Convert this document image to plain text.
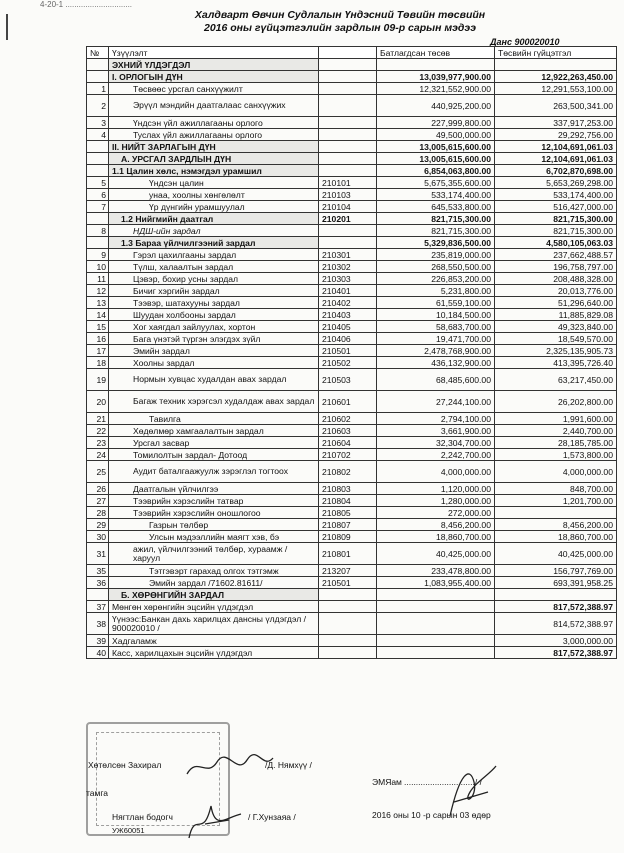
4-20-1 ..............................
Халдварт Өвчин Судлалын Үндэсний Төвийн төсвийн
2016 оны гүйцэтгэлийн зардлын 09-р сарын мэдээ
Данс 900020010
№	Үзүүлэлт		Батлагдсан төсөв	Төсвийн гүйцэтгэл
	ЭХНИЙ ҮЛДЭГДЭЛ			
	I. ОРЛОГЫН ДҮН		13,039,977,900.00	12,922,263,450.00
1	Төсвөөс урсгал санхүүжилт		12,321,552,900.00	12,291,553,100.00
2	Эрүүл мэндийн даатгалаас санхүүжих		440,925,200.00	263,500,341.00
3	Үндсэн үйл ажиллагааны орлого		227,999,800.00	337,917,253.00
4	Туслах үйл ажиллагааны орлого		49,500,000.00	29,292,756.00
	II. НИЙТ ЗАРЛАГЫН ДҮН		13,005,615,600.00	12,104,691,061.03
	А. УРСГАЛ ЗАРДЛЫН ДҮН		13,005,615,600.00	12,104,691,061.03
	1.1 Цалин хөлс, нэмэгдэл урамшил		6,854,063,800.00	6,702,870,698.00
5	Үндсэн цалин	210101	5,675,355,600.00	5,653,269,298.00
6	унаа, хоолны хөнгөлөлт	210103	533,174,400.00	533,174,400.00
7	Үр дүнгийн урамшуулал	210104	645,533,800.00	516,427,000.00
	1.2 Нийгмийн даатгал	210201	821,715,300.00	821,715,300.00
8	НДШ-ийн зардал		821,715,300.00	821,715,300.00
	1.3 Бараа үйлчилгээний зардал		5,329,836,500.00	4,580,105,063.03
9	Гэрэл цахилгааны зардал	210301	235,819,000.00	237,662,488.57
10	Түлш, халаалтын зардал	210302	268,550,500.00	196,758,797.00
11	Цэвэр, бохир усны зардал	210303	226,853,200.00	208,488,328.00
12	Бичиг хэргийн зардал	210401	5,231,800.00	20,013,776.00
13	Тээвэр, шатахууны зардал	210402	61,559,100.00	51,296,640.00
14	Шуудан холбооны зардал	210403	10,184,500.00	11,885,829.08
15	Хог хаягдал зайлуулах, хортон	210405	58,683,700.00	49,323,840.00
16	Бага үнэтэй түргэн элэгдэх зүйл	210406	19,471,700.00	18,549,570.00
17	Эмийн зардал	210501	2,478,768,900.00	2,325,135,905.73
18	Хоолны зардал	210502	436,132,900.00	413,395,726.40
19	Нормын хувцас худалдан авах зардал	210503	68,485,600.00	63,217,450.00
20	Багаж техник хэрэгсэл худалдаж авах зардал	210601	27,244,100.00	26,202,800.00
21	Тавилга	210602	2,794,100.00	1,991,600.00
22	Хөдөлмөр хамгаалалтын зардал	210603	3,661,900.00	2,440,700.00
23	Урсгал засвар	210604	32,304,700.00	28,185,785.00
24	Томилолтын зардал- Дотоод	210702	2,242,700.00	1,573,800.00
25	Аудит баталгаажуулж зэрэглэл тогтоох	210802	4,000,000.00	4,000,000.00
26	Даатгалын үйлчилгээ	210803	1,120,000.00	848,700.00
27	Тээврийн хэрэслийн татвар	210804	1,280,000.00	1,201,700.00
28	Тээврийн хэрэслийн оношлогоо	210805	272,000.00	
29	Газрын төлбөр	210807	8,456,200.00	8,456,200.00
30	Улсын мэдээллийн маягт хэв, бэ	210809	18,860,700.00	18,860,700.00
31	ажил, үйлчилгээний төлбөр, хураамж / харуул	210801	40,425,000.00	40,425,000.00
35	Тэтгэвэрт гарахад олгох тэтгэмж	213207	233,478,800.00	156,797,769.00
36	Эмийн зардал /71602.81611/	210501	1,083,955,400.00	693,391,958.25
	Б. ХӨРӨНГИЙН ЗАРДАЛ			
37	Мөнгөн хөрөнгийн эцсийн үлдэгдэл			817,572,388.97
38	Үүнээс:Банкан дахь харилцах дансны үлдэгдэл / 900020010 /			814,572,388.97
39	Хадгаламж			3,000,000.00
40	Касс, харилцахын эцсийн үлдэгдэл			817,572,388.97
Хөтөлсөн Захирал	/Д. Нямхүү /
тамга
Нягтлан бодогч	/ Г.Хунзаяа /
УЖ60051
ЭМЯам ............................../ /
2016 оны 10 -р сарын 03 өдөр
